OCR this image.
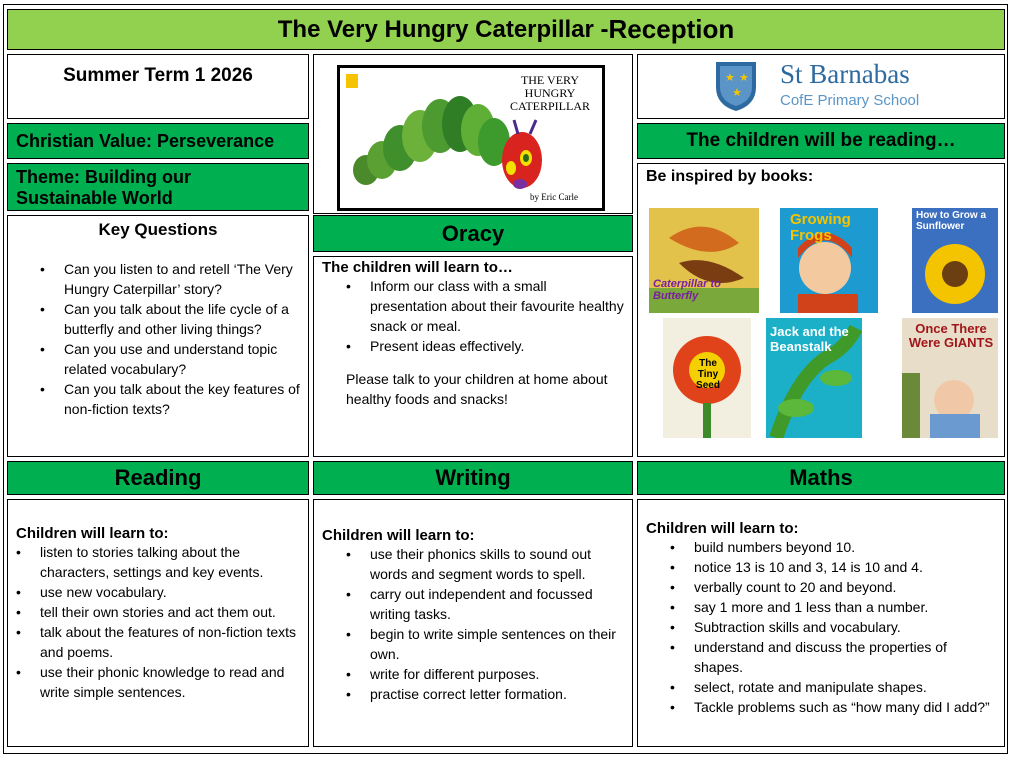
The Very Hungry Caterpillar - Reception
Summer Term 1 2026
Christian Value: Perseverance
Theme: Building our Sustainable World
THE VERY HUNGRY CATERPILLAR
by Eric Carle
★ ★
★
St Barnabas
CofE Primary School
The children will be reading…
Be inspired by books:
Caterpillar to Butterfly
Growing Frogs
How to Grow a Sunflower
The Tiny Seed
Jack and the Beanstalk
Once There Were GIANTS
Key Questions
• Can you listen to and retell ‘The Very Hungry Caterpillar’ story?
• Can you talk about the life cycle of a butterfly and other living things?
• Can you use and understand topic related vocabulary?
• Can you talk about the key features of non-fiction texts?
Oracy
The children will learn to…
• Inform our class with a small presentation about their favourite healthy snack or meal.
• Present ideas effectively.
Please talk to your children at home about healthy foods and snacks!
Reading
Children will learn to:
• listen to stories talking about the characters, settings and key events.
• use new vocabulary.
• tell their own stories and act them out.
• talk about the features of non-fiction texts and poems.
• use their phonic knowledge to read and write simple sentences.
Writing
Children will learn to:
• use their phonics skills to sound out words and segment words to spell.
• carry out independent and focussed writing tasks.
• begin to write simple sentences on their own.
• write for different purposes.
• practise correct letter formation.
Maths
Children will learn to:
• build numbers beyond 10.
• notice 13 is 10 and 3, 14 is 10 and 4.
• verbally count to 20 and beyond.
• say 1 more and 1 less than a number.
• Subtraction skills and vocabulary.
• understand and discuss the properties of shapes.
• select, rotate and manipulate shapes.
• Tackle problems such as “how many did I add?”
